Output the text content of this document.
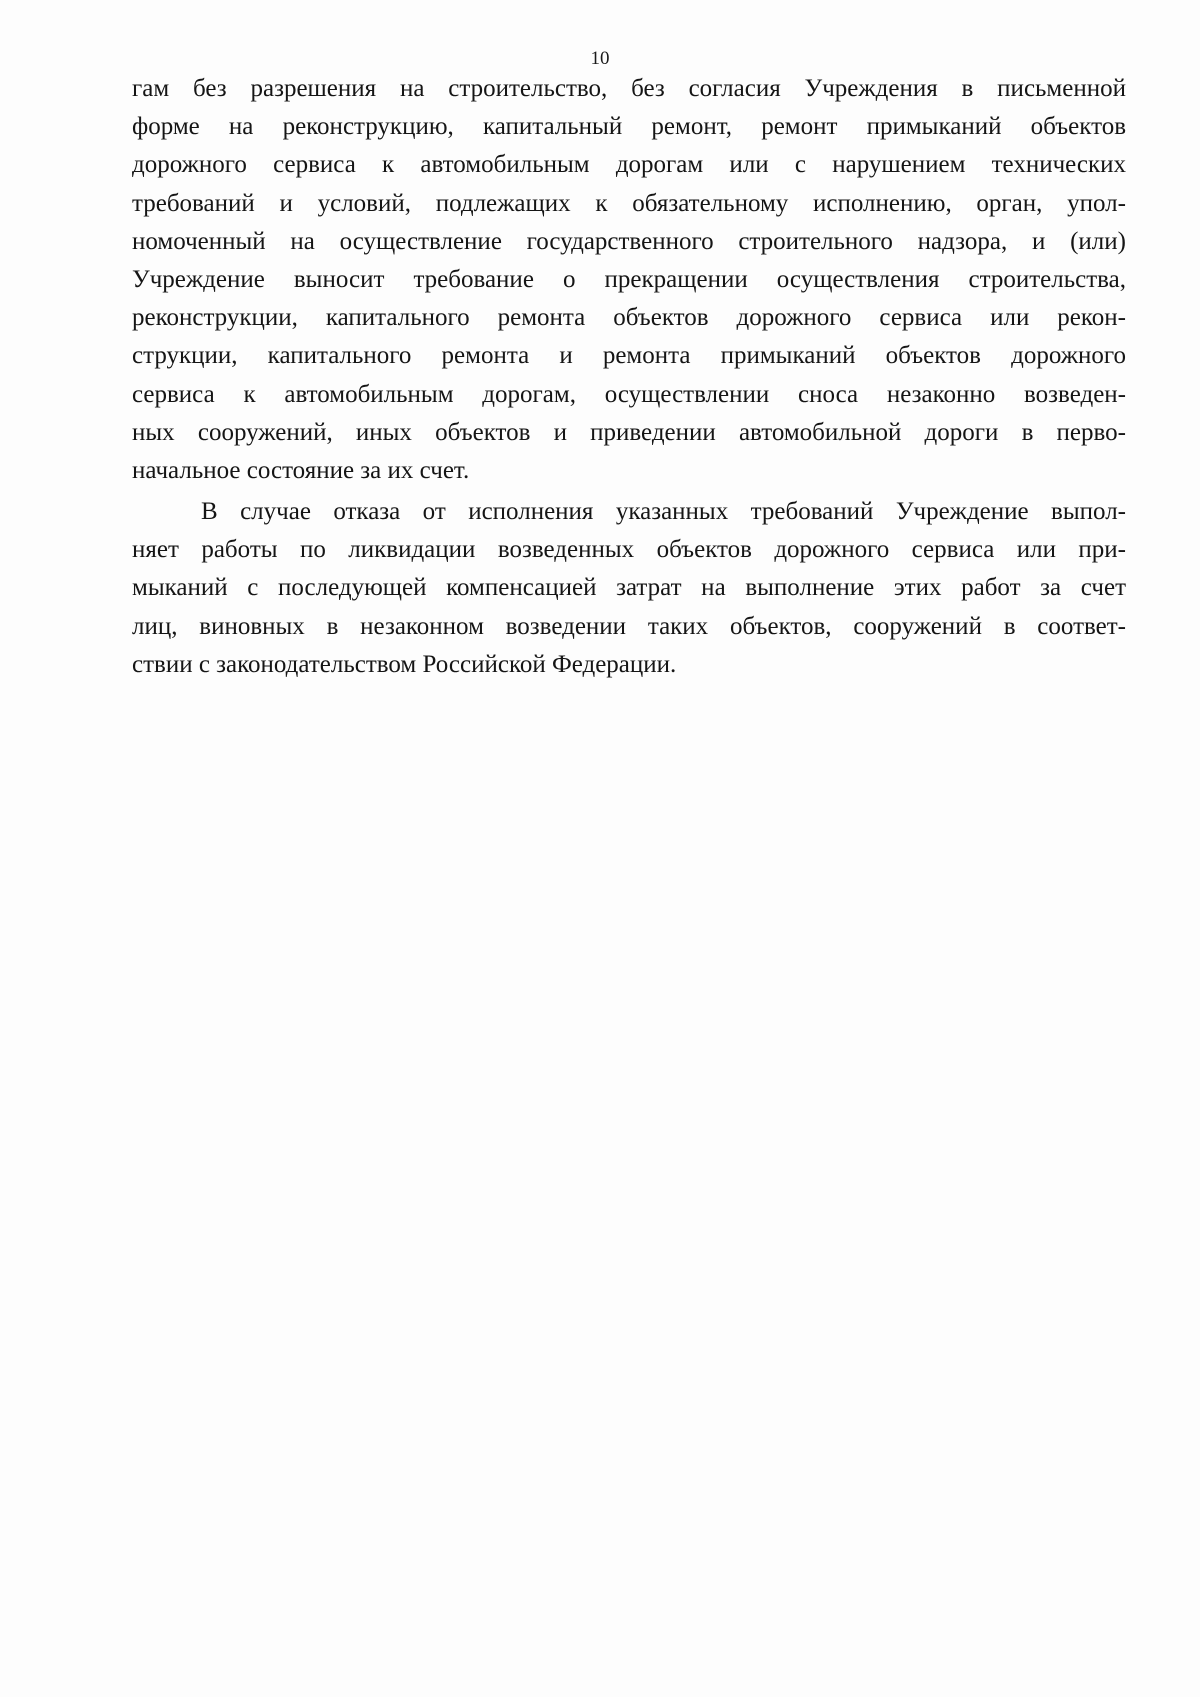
10

гам без разрешения на строительство, без согласия Учреждения в письменной
форме на реконструкцию, капитальный ремонт, ремонт примыканий объектов
дорожного сервиса к автомобильным дорогам или с нарушением технических
требований и условий, подлежащих к обязательному исполнению, орган, упол-
номоченный на осуществление государственного строительного надзора, и (или)
Учреждение выносит требование о прекращении осуществления строительства,
реконструкции, капитального ремонта объектов дорожного сервиса или рекон-
струкции, капитального ремонта и ремонта примыканий объектов дорожного
сервиса к автомобильным дорогам, осуществлении сноса незаконно возведен-
ных сооружений, иных объектов и приведении автомобильной дороги в перво-
начальное состояние за их счет.

В случае отказа от исполнения указанных требований Учреждение выпол-
няет работы по ликвидации возведенных объектов дорожного сервиса или при-
мыканий с последующей компенсацией затрат на выполнение этих работ за счет
лиц, виновных в незаконном возведении таких объектов, сооружений в соответ-
ствии с законодательством Российской Федерации.
